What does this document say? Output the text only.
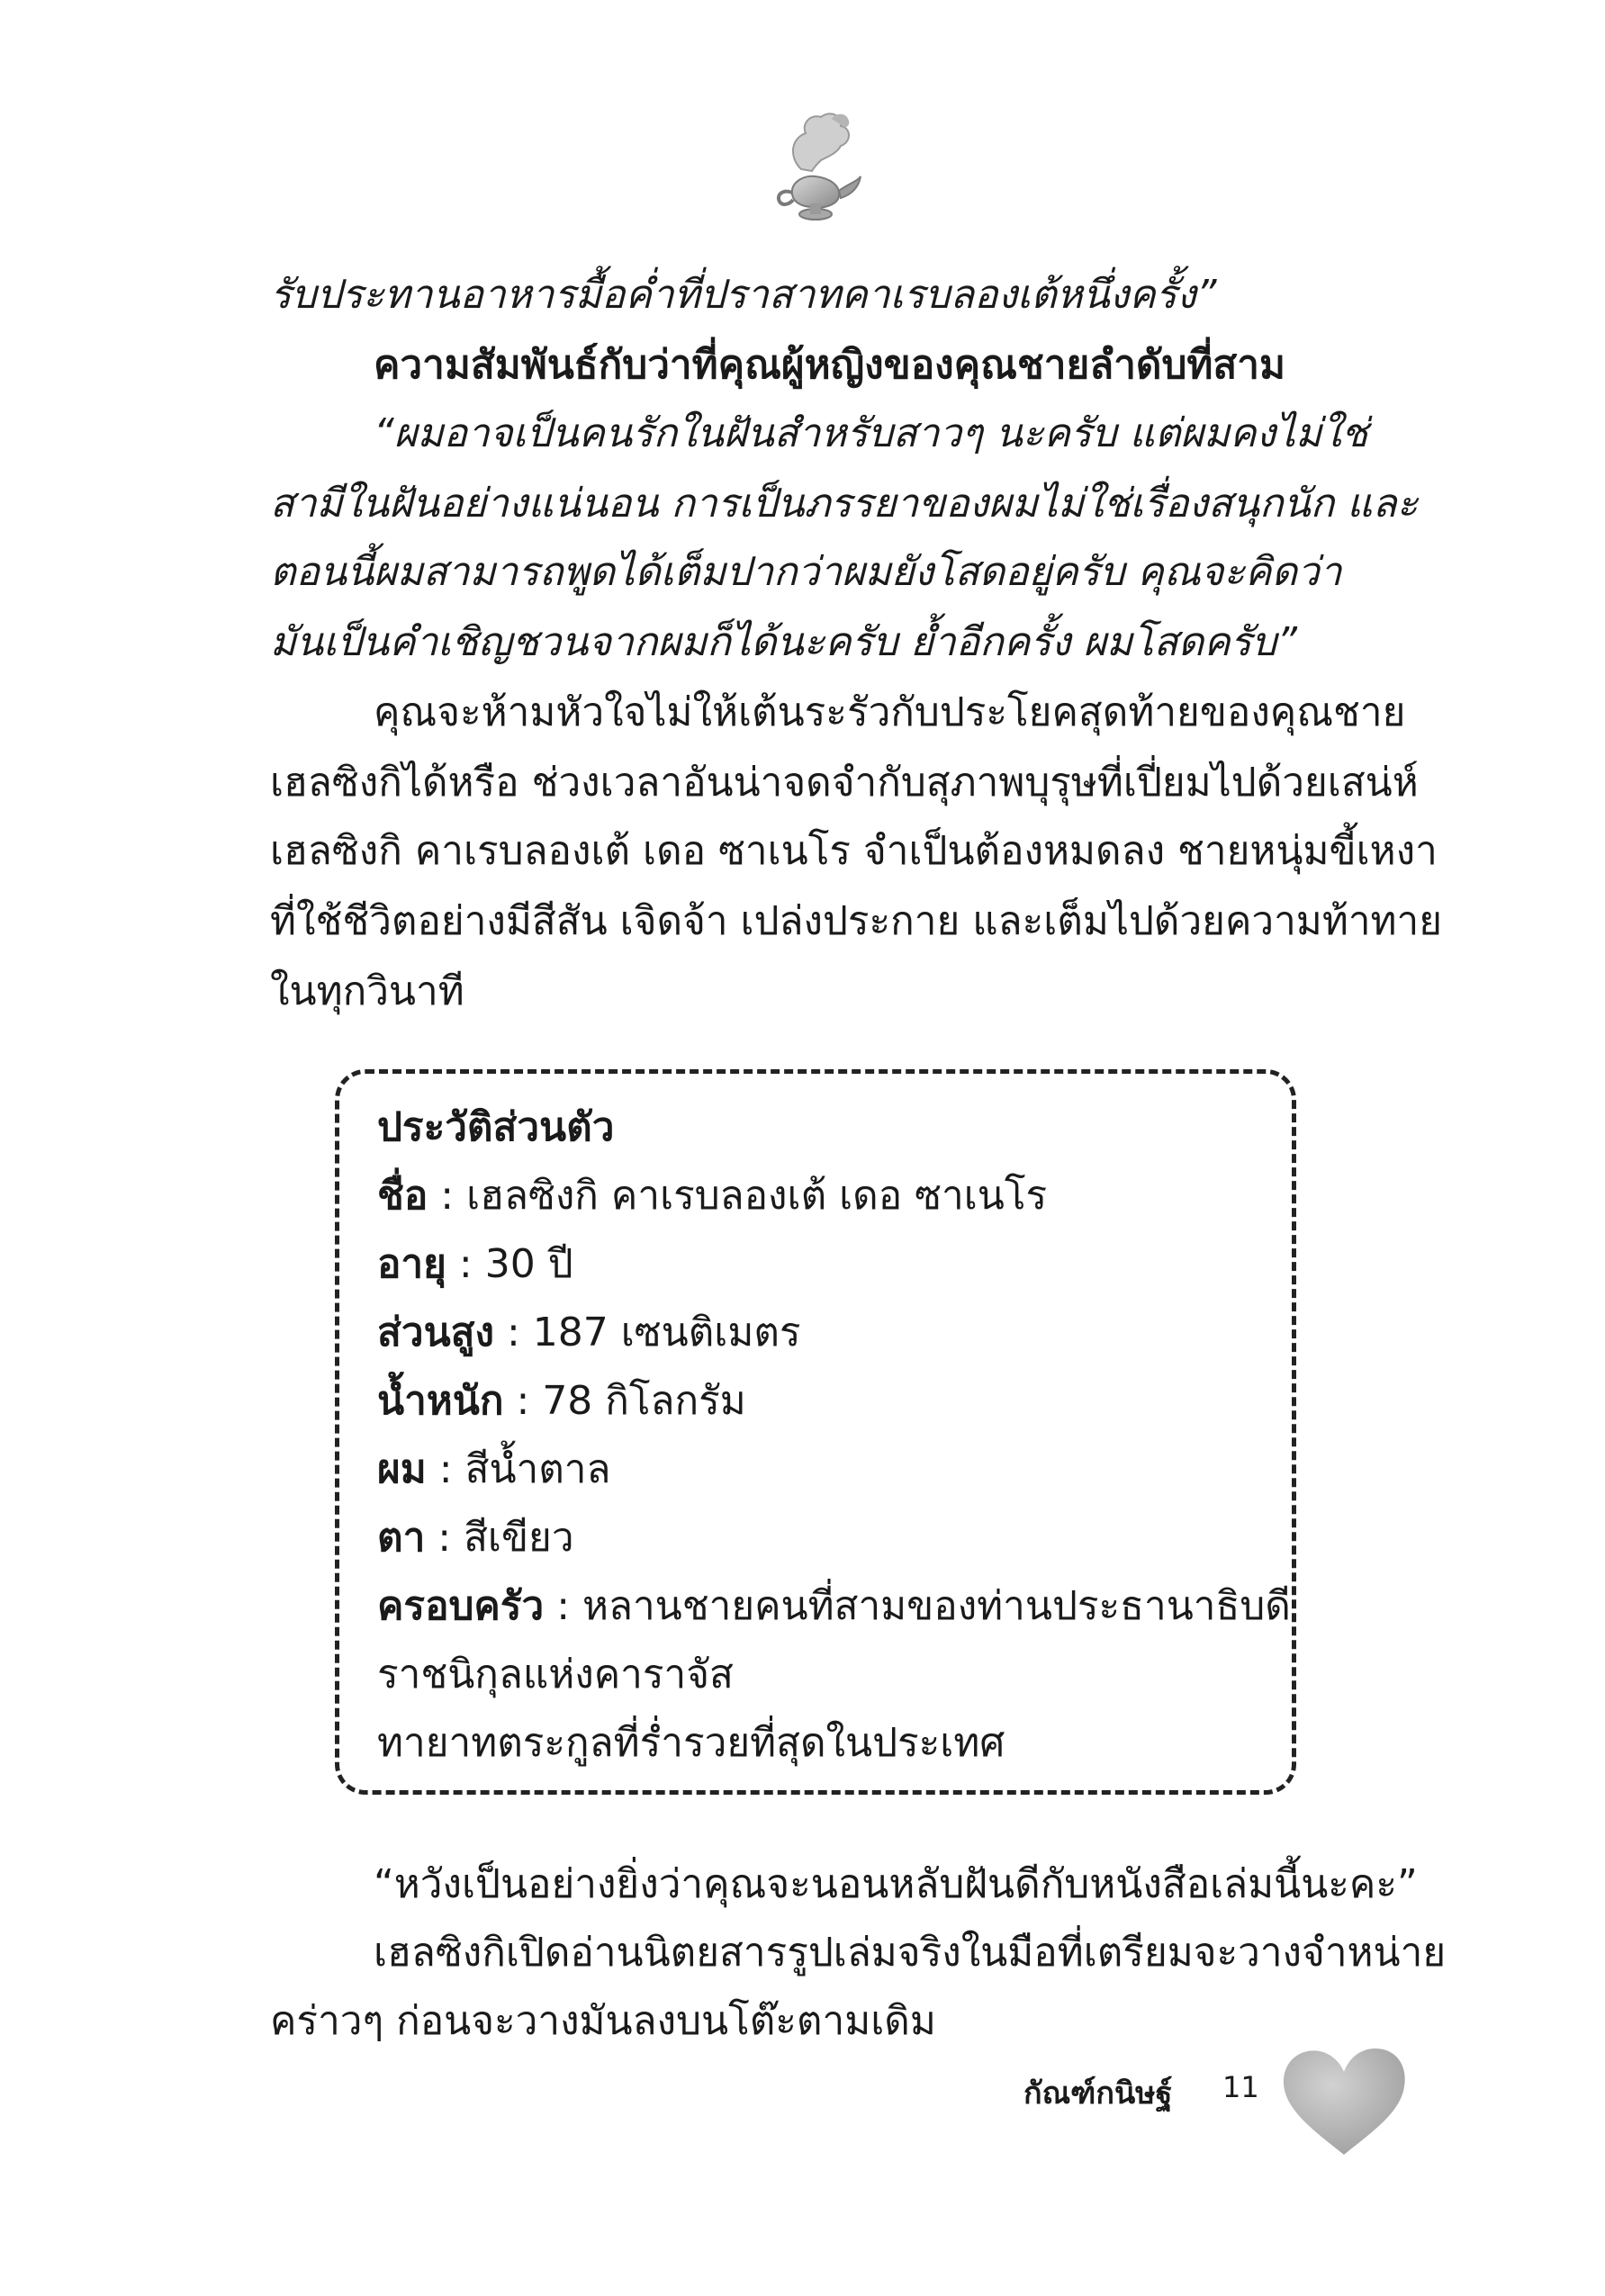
รับประทานอาหารมื้อค่ำที่ปราสาทคาเรบลองเต้หนึ่งครั้ง”
ความสัมพันธ์กับว่าที่คุณผู้หญิงของคุณชายลำดับที่สาม
“ผมอาจเป็นคนรักในฝันสำหรับสาวๆ นะครับ แต่ผมคงไม่ใช่
สามีในฝันอย่างแน่นอน การเป็นภรรยาของผมไม่ใช่เรื่องสนุกนัก และ
ตอนนี้ผมสามารถพูดได้เต็มปากว่าผมยังโสดอยู่ครับ คุณจะคิดว่า
มันเป็นคำเชิญชวนจากผมก็ได้นะครับ ย้ำอีกครั้ง ผมโสดครับ”
คุณจะห้ามหัวใจไม่ให้เต้นระรัวกับประโยคสุดท้ายของคุณชาย
เฮลซิงกิได้หรือ ช่วงเวลาอันน่าจดจำกับสุภาพบุรุษที่เปี่ยมไปด้วยเสน่ห์
เฮลซิงกิ คาเรบลองเต้ เดอ ซาเนโร จำเป็นต้องหมดลง ชายหนุ่มขี้เหงา
ที่ใช้ชีวิตอย่างมีสีสัน เจิดจ้า เปล่งประกาย และเต็มไปด้วยความท้าทาย
ในทุกวินาที
ประวัติส่วนตัว
ชื่อ : เฮลซิงกิ คาเรบลองเต้ เดอ ซาเนโร
อายุ : 30 ปี
ส่วนสูง : 187 เซนติเมตร
น้ำหนัก : 78 กิโลกรัม
ผม : สีน้ำตาล
ตา : สีเขียว
ครอบครัว : หลานชายคนที่สามของท่านประธานาธิบดี
ราชนิกุลแห่งคาราจัส
ทายาทตระกูลที่ร่ำรวยที่สุดในประเทศ
“หวังเป็นอย่างยิ่งว่าคุณจะนอนหลับฝันดีกับหนังสือเล่มนี้นะคะ”
เฮลซิงกิเปิดอ่านนิตยสารรูปเล่มจริงในมือที่เตรียมจะวางจำหน่าย
คร่าวๆ ก่อนจะวางมันลงบนโต๊ะตามเดิม
กัณฑ์กนิษฐ์ 11
